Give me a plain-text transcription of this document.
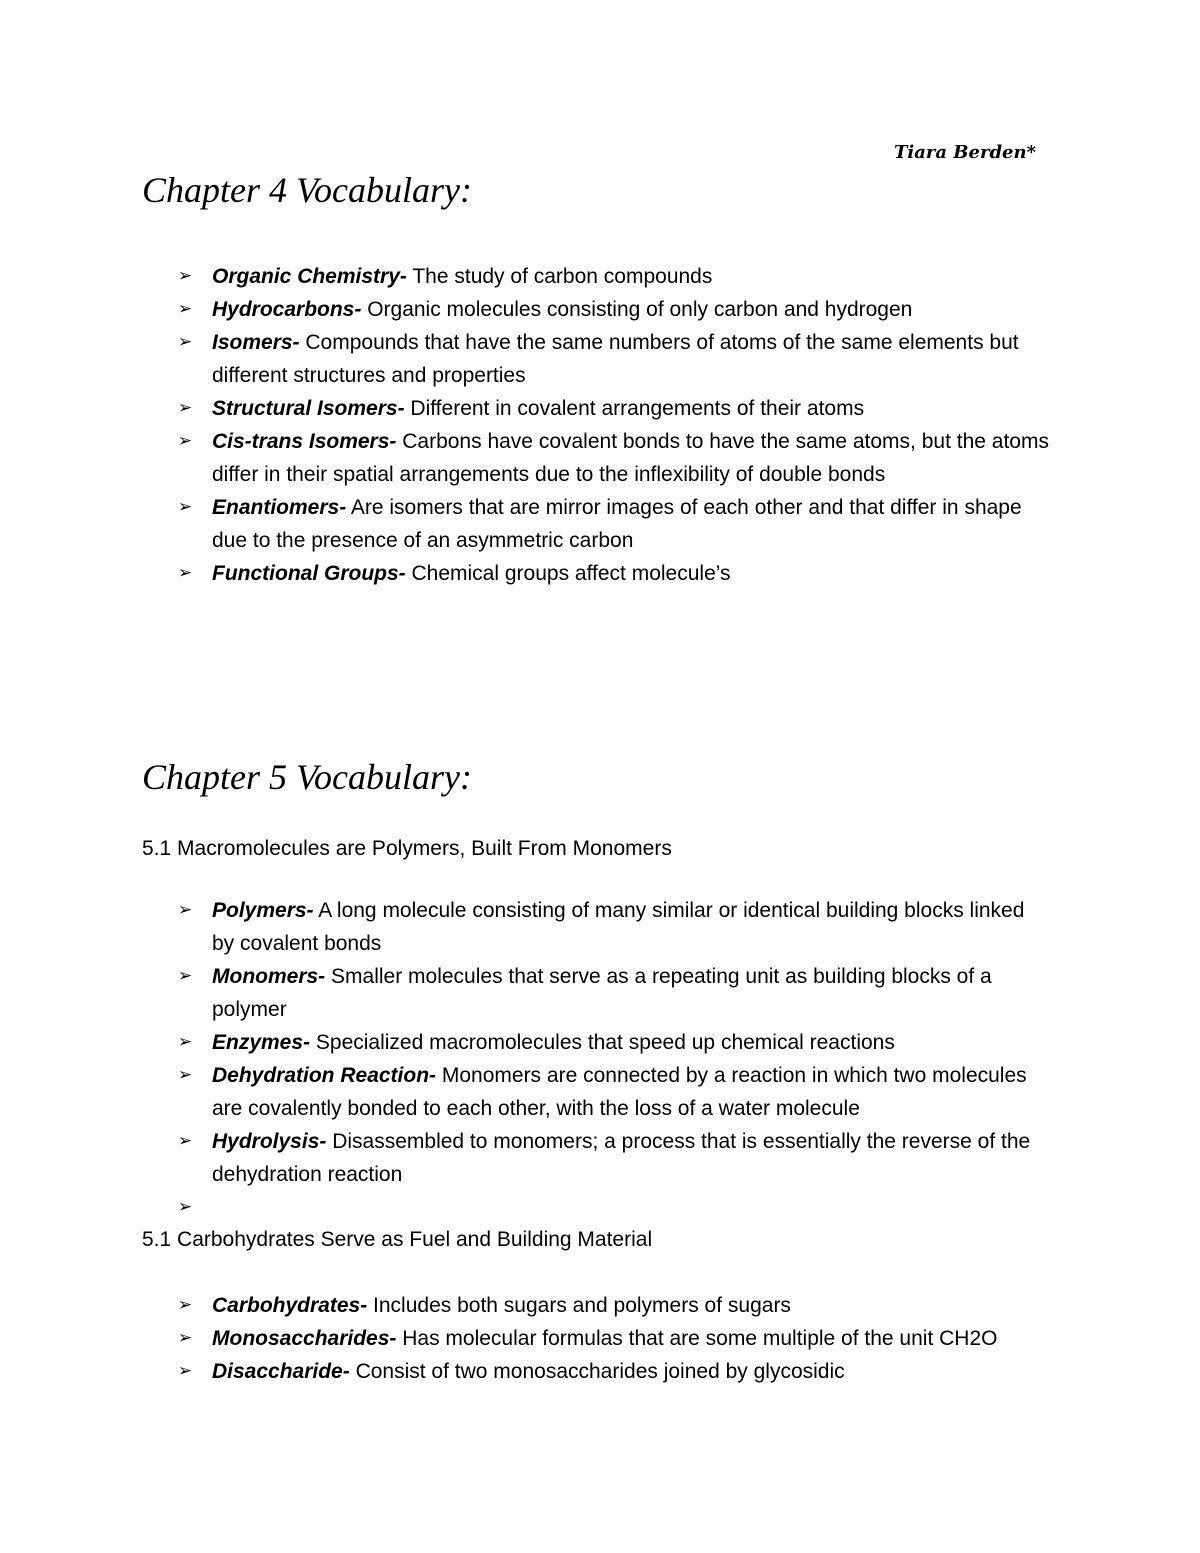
Tiara Berden*

Chapter 4 Vocabulary:
➢ Organic Chemistry- The study of carbon compounds
➢ Hydrocarbons- Organic molecules consisting of only carbon and hydrogen
➢ Isomers- Compounds that have the same numbers of atoms of the same elements but different structures and properties
➢ Structural Isomers- Different in covalent arrangements of their atoms
➢ Cis-trans Isomers- Carbons have covalent bonds to have the same atoms, but the atoms differ in their spatial arrangements due to the inflexibility of double bonds
➢ Enantiomers- Are isomers that are mirror images of each other and that differ in shape due to the presence of an asymmetric carbon
➢ Functional Groups- Chemical groups affect molecule’s
Chapter 5 Vocabulary:

5.1 Macromolecules are Polymers, Built From Monomers

➢ Polymers- A long molecule consisting of many similar or identical building blocks linked by covalent bonds
➢ Monomers- Smaller molecules that serve as a repeating unit as building blocks of a polymer
➢ Enzymes- Specialized macromolecules that speed up chemical reactions
➢ Dehydration Reaction- Monomers are connected by a reaction in which two molecules are covalently bonded to each other, with the loss of a water molecule
➢ Hydrolysis- Disassembled to monomers; a process that is essentially the reverse of the dehydration reaction
➢

5.1 Carbohydrates Serve as Fuel and Building Material

➢ Carbohydrates- Includes both sugars and polymers of sugars
➢ Monosaccharides- Has molecular formulas that are some multiple of the unit CH2O
➢ Disaccharide- Consist of two monosaccharides joined by glycosidic
